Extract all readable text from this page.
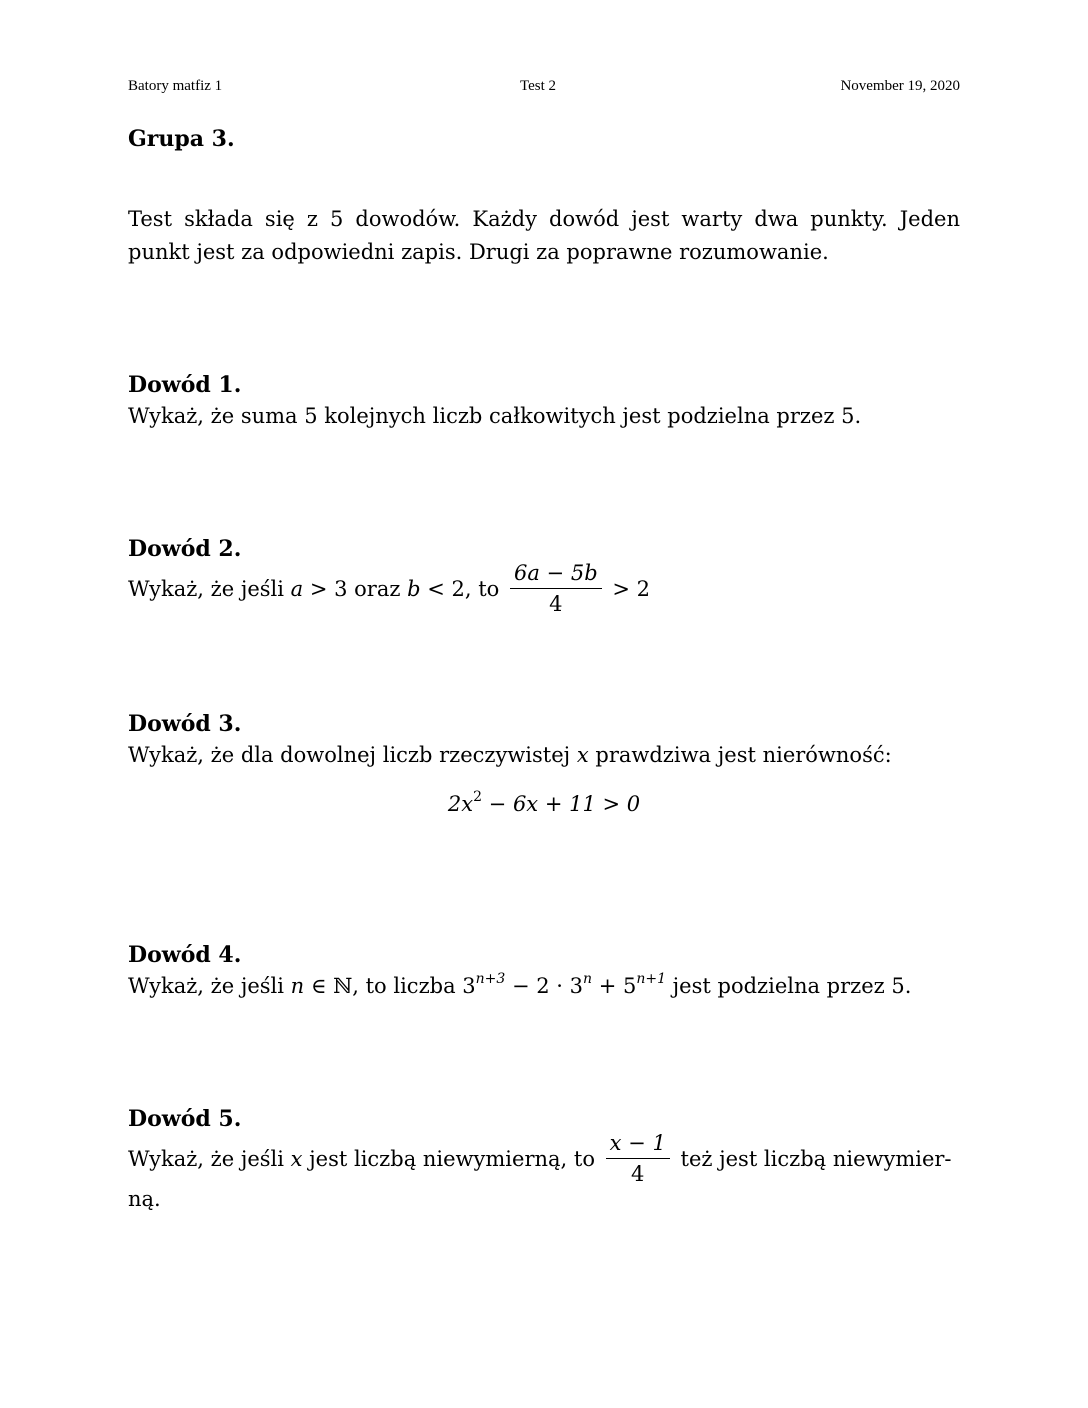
Batory matfiz 1	Test 2	November 19, 2020
Grupa 3.
Test składa się z 5 dowodów. Każdy dowód jest warty dwa punkty. Jeden punkt jest za odpowiedni zapis. Drugi za poprawne rozumowanie.
Dowód 1.
Wykaż, że suma 5 kolejnych liczb całkowitych jest podzielna przez 5.
Dowód 2.
Wykaż, że jeśli a > 3 oraz b < 2, to $\frac{6a - 5b}{4} > 2$
Dowód 3.
Wykaż, że dla dowolnej liczb rzeczywistej x prawdziwa jest nierówność:
$2x^2 - 6x + 11 > 0$
Dowód 4.
Wykaż, że jeśli n ∈ ℕ, to liczba $3^{n+3} - 2 \cdot 3^n + 5^{n+1}$ jest podzielna przez 5.
Dowód 5.
Wykaż, że jeśli x jest liczbą niewymierną, to $\frac{x - 1}{4}$ też jest liczbą niewymier-
ną.
